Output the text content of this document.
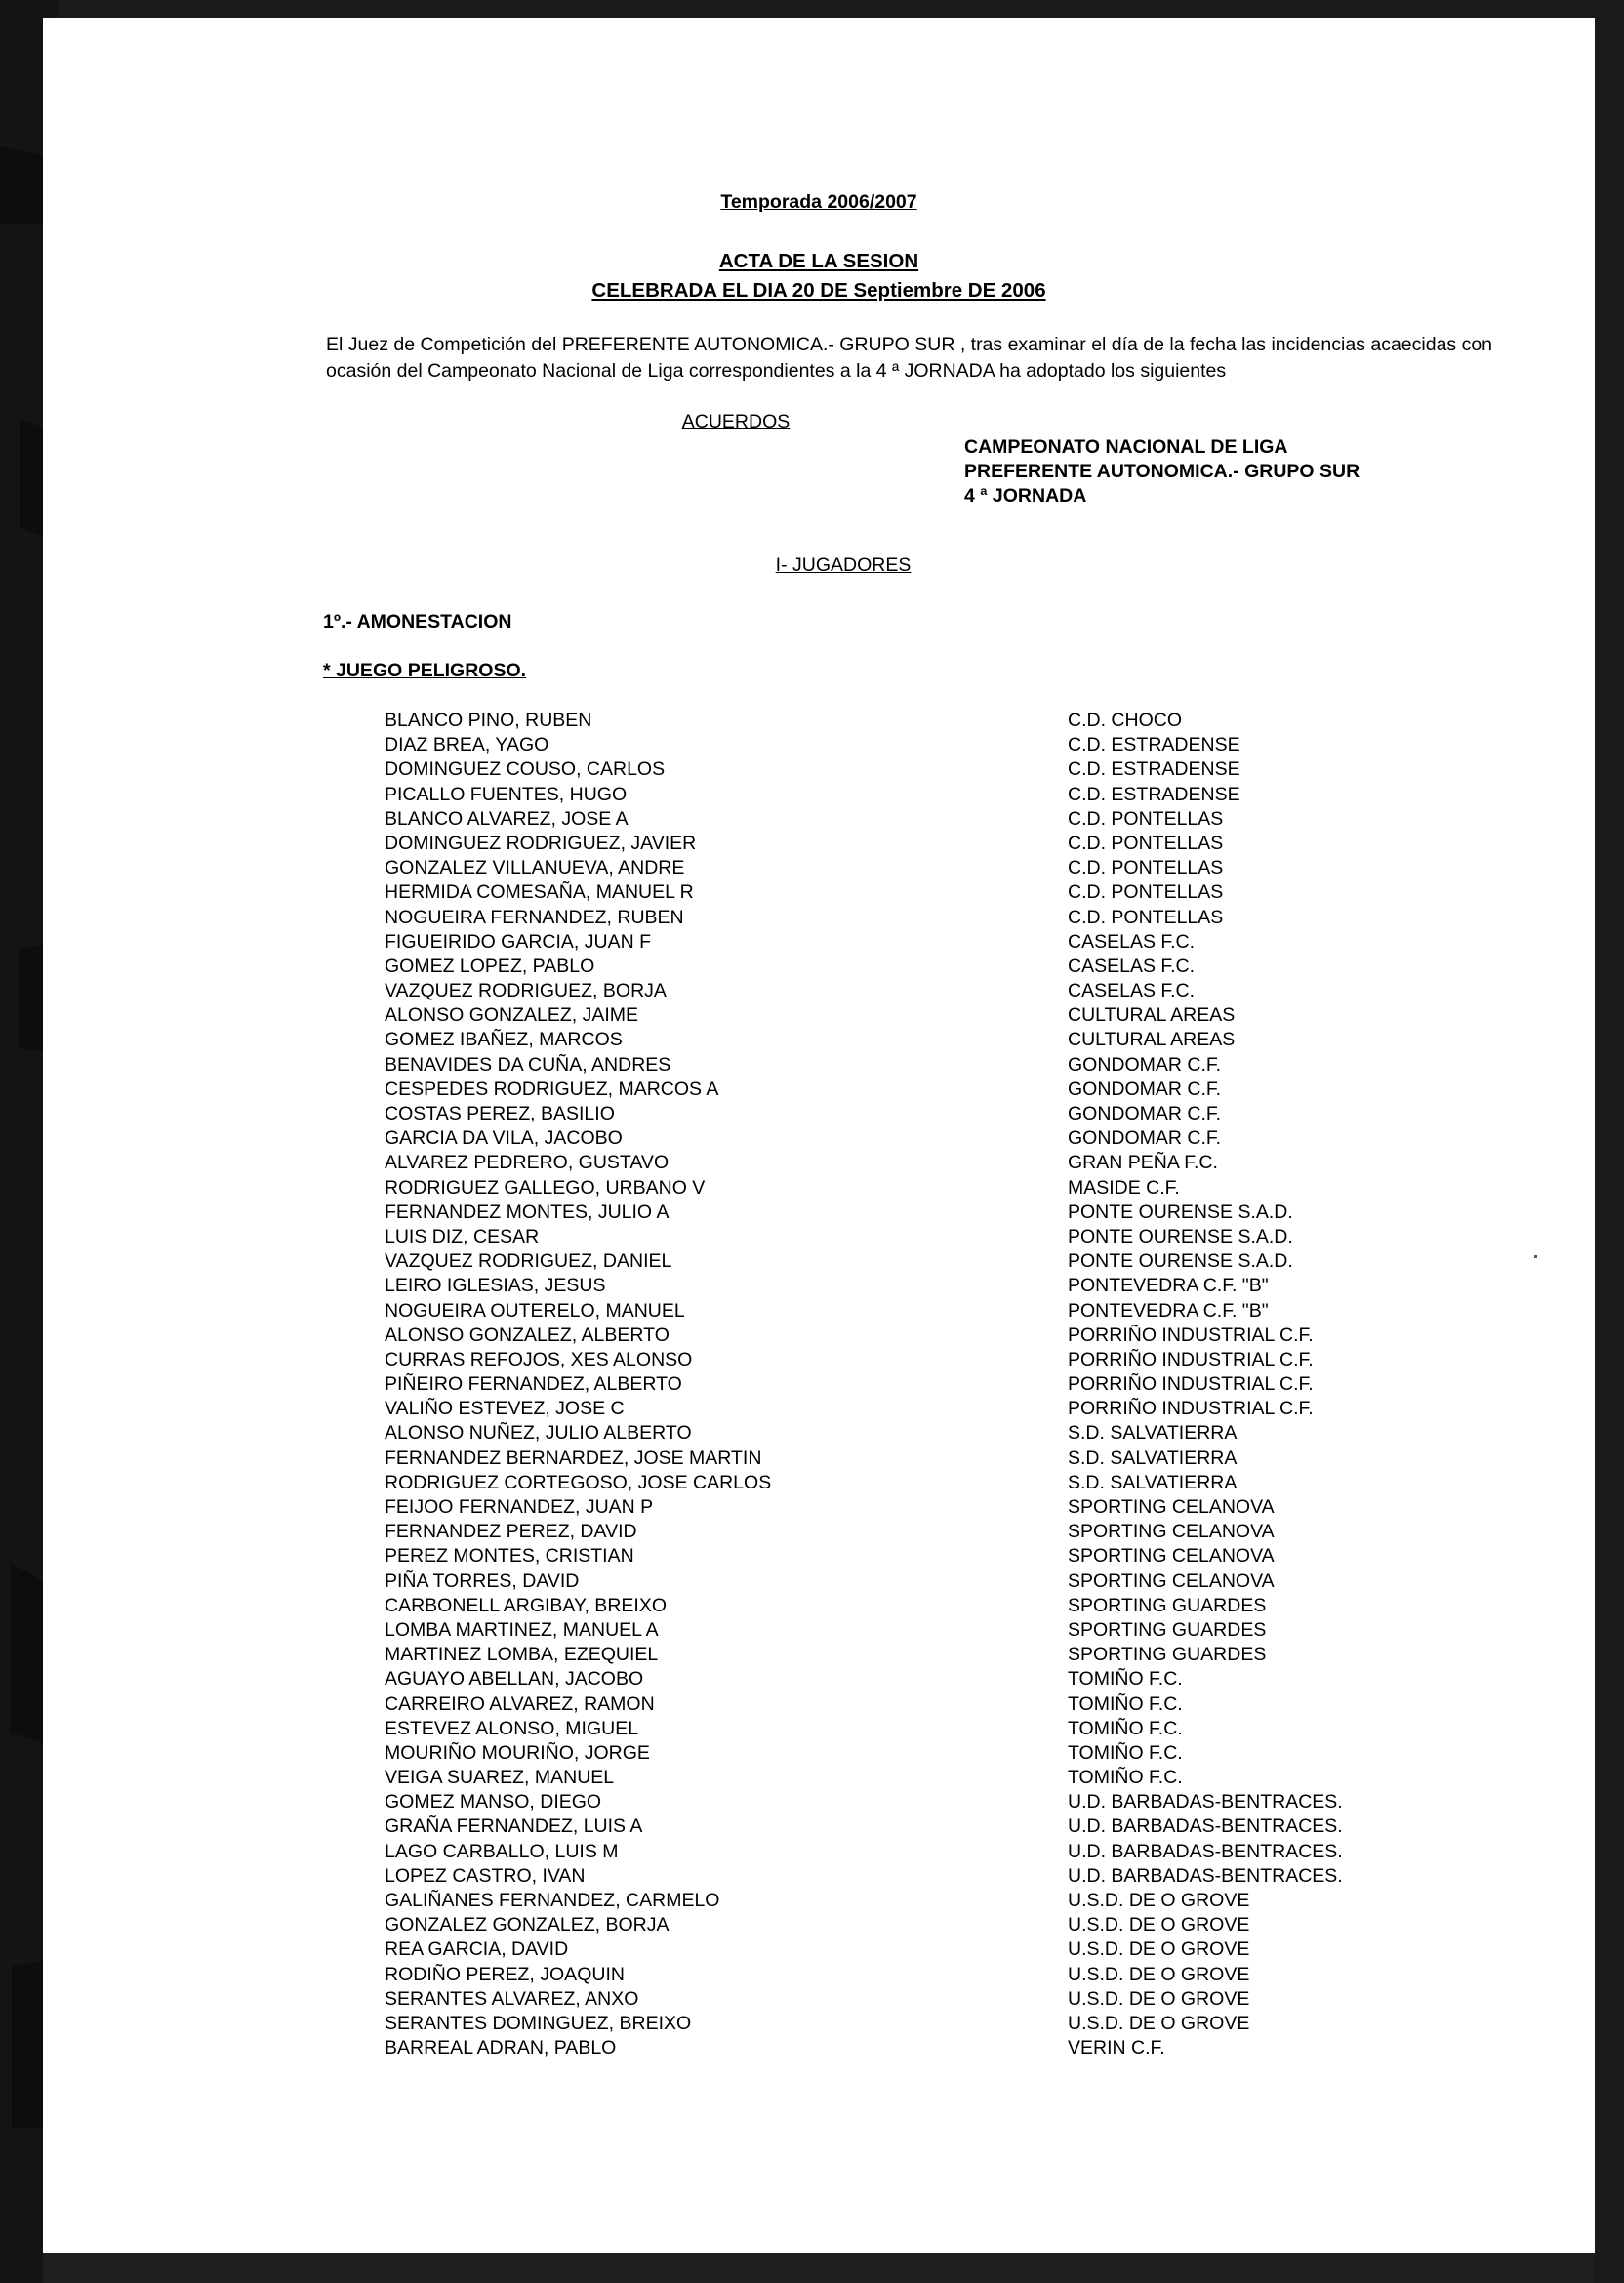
Temporada 2006/2007
ACTA DE LA SESION
CELEBRADA EL DIA 20 DE Septiembre DE 2006
El Juez de Competición del PREFERENTE AUTONOMICA.- GRUPO SUR , tras examinar el día de la fecha las incidencias acaecidas con ocasión del Campeonato Nacional de Liga correspondientes a la 4 ª JORNADA ha adoptado los siguientes
ACUERDOS
CAMPEONATO NACIONAL DE LIGA
PREFERENTE AUTONOMICA.- GRUPO SUR
4 ª JORNADA
I- JUGADORES
1º.- AMONESTACION
* JUEGO PELIGROSO.
BLANCO PINO, RUBEN	C.D. CHOCO
DIAZ BREA, YAGO	C.D. ESTRADENSE
DOMINGUEZ COUSO, CARLOS	C.D. ESTRADENSE
PICALLO FUENTES, HUGO	C.D. ESTRADENSE
BLANCO ALVAREZ, JOSE A	C.D. PONTELLAS
DOMINGUEZ RODRIGUEZ, JAVIER	C.D. PONTELLAS
GONZALEZ VILLANUEVA, ANDRE	C.D. PONTELLAS
HERMIDA COMESAÑA, MANUEL R	C.D. PONTELLAS
NOGUEIRA FERNANDEZ, RUBEN	C.D. PONTELLAS
FIGUEIRIDO GARCIA, JUAN F	CASELAS F.C.
GOMEZ LOPEZ, PABLO	CASELAS F.C.
VAZQUEZ RODRIGUEZ, BORJA	CASELAS F.C.
ALONSO GONZALEZ, JAIME	CULTURAL AREAS
GOMEZ IBAÑEZ, MARCOS	CULTURAL AREAS
BENAVIDES DA CUÑA, ANDRES	GONDOMAR C.F.
CESPEDES RODRIGUEZ, MARCOS A	GONDOMAR C.F.
COSTAS PEREZ, BASILIO	GONDOMAR C.F.
GARCIA DA VILA, JACOBO	GONDOMAR C.F.
ALVAREZ PEDRERO, GUSTAVO	GRAN PEÑA F.C.
RODRIGUEZ GALLEGO, URBANO V	MASIDE C.F.
FERNANDEZ MONTES, JULIO A	PONTE OURENSE S.A.D.
LUIS DIZ, CESAR	PONTE OURENSE S.A.D.
VAZQUEZ RODRIGUEZ, DANIEL	PONTE OURENSE S.A.D.
LEIRO IGLESIAS, JESUS	PONTEVEDRA C.F. "B"
NOGUEIRA OUTERELO, MANUEL	PONTEVEDRA C.F. "B"
ALONSO GONZALEZ, ALBERTO	PORRIÑO INDUSTRIAL C.F.
CURRAS REFOJOS, XES ALONSO	PORRIÑO INDUSTRIAL C.F.
PIÑEIRO FERNANDEZ, ALBERTO	PORRIÑO INDUSTRIAL C.F.
VALIÑO ESTEVEZ, JOSE C	PORRIÑO INDUSTRIAL C.F.
ALONSO NUÑEZ, JULIO ALBERTO	S.D. SALVATIERRA
FERNANDEZ BERNARDEZ, JOSE MARTIN	S.D. SALVATIERRA
RODRIGUEZ CORTEGOSO, JOSE CARLOS	S.D. SALVATIERRA
FEIJOO FERNANDEZ, JUAN P	SPORTING CELANOVA
FERNANDEZ PEREZ, DAVID	SPORTING CELANOVA
PEREZ MONTES, CRISTIAN	SPORTING CELANOVA
PIÑA TORRES, DAVID	SPORTING CELANOVA
CARBONELL ARGIBAY, BREIXO	SPORTING GUARDES
LOMBA MARTINEZ, MANUEL A	SPORTING GUARDES
MARTINEZ LOMBA, EZEQUIEL	SPORTING GUARDES
AGUAYO ABELLAN, JACOBO	TOMIÑO F.C.
CARREIRO ALVAREZ, RAMON	TOMIÑO F.C.
ESTEVEZ ALONSO, MIGUEL	TOMIÑO F.C.
MOURIÑO MOURIÑO, JORGE	TOMIÑO F.C.
VEIGA SUAREZ, MANUEL	TOMIÑO F.C.
GOMEZ MANSO, DIEGO	U.D. BARBADAS-BENTRACES.
GRAÑA FERNANDEZ, LUIS A	U.D. BARBADAS-BENTRACES.
LAGO CARBALLO, LUIS M	U.D. BARBADAS-BENTRACES.
LOPEZ CASTRO, IVAN	U.D. BARBADAS-BENTRACES.
GALIÑANES FERNANDEZ, CARMELO	U.S.D. DE O GROVE
GONZALEZ GONZALEZ, BORJA	U.S.D. DE O GROVE
REA GARCIA, DAVID	U.S.D. DE O GROVE
RODIÑO PEREZ, JOAQUIN	U.S.D. DE O GROVE
SERANTES ALVAREZ, ANXO	U.S.D. DE O GROVE
SERANTES DOMINGUEZ, BREIXO	U.S.D. DE O GROVE
BARREAL ADRAN, PABLO	VERIN C.F.
